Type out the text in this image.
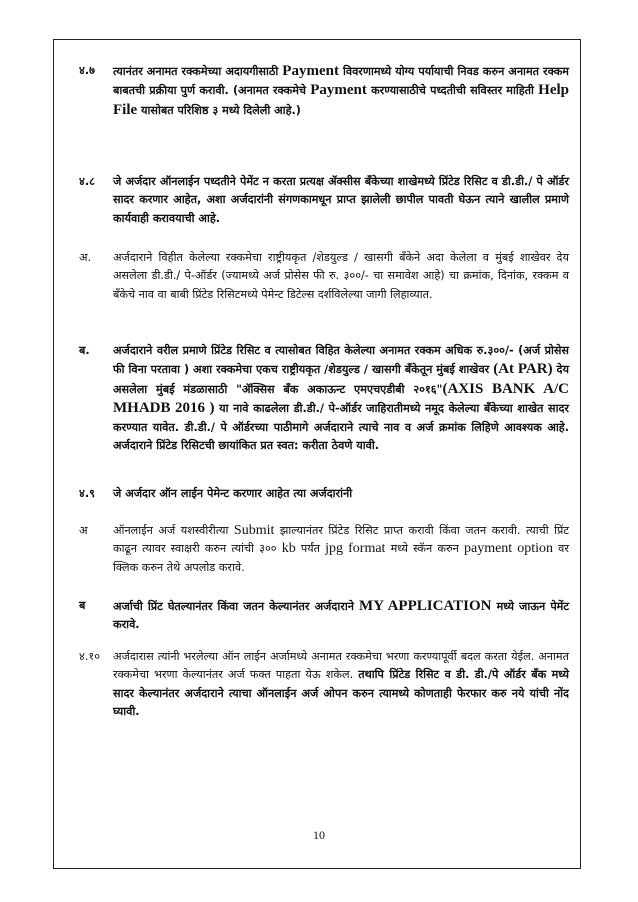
४.७	त्यानंतर अनामत रक्कमेच्या अदायगीसाठी Payment विवरणामध्ये योग्य पर्यायाची निवड करुन अनामत रक्कम बाबतची प्रक्रीया पुर्ण करावी. (अनामत रक्कमेचे Payment करण्यासाठीचे पध्दतीची सविस्तर माहिती Help File यासोबत परिशिष्ठ ३ मध्ये दिलेली आहे.)
४.८	जे अर्जदार ऑनलाईन पध्दतीने पेमेंट न करता प्रत्यक्ष ॲक्सीस बँकेच्या शाखेमध्ये प्रिंटेड रिसिट व डी.डी./ पे ऑर्डर सादर करणार आहेत, अशा अर्जदारांनी संगणकामधून प्राप्त झालेली छापील पावती घेऊन त्याने खालील प्रमाणे कार्यवाही करावयाची आहे.
अ.	अर्जदाराने विहीत केलेल्या रक्कमेचा राष्ट्रीयकृत /शेडयुल्ड / खासगी बँकेने अदा केलेला व मुंबई शाखेवर देय असलेला डी.डी./ पे-ऑर्डर (ज्यामध्ये अर्ज प्रोसेस फी रु. ३००/- चा समावेश आहे) चा क्रमांक, दिनांक, रक्कम व बँकेचे नाव वा बाबी प्रिंटेड रिसिटमध्ये पेमेन्ट डिटेल्स दर्शविलेल्या जागी लिहाव्यात.
ब.	अर्जदाराने वरील प्रमाणे प्रिंटेड रिसिट व त्यासोबत विहित केलेल्या अनामत रक्कम अधिक रु.३००/- (अर्ज प्रोसेस फी विना परतावा ) अशा रक्कमेचा एकच राष्ट्रीयकृत /शेडयुल्ड / खासगी बँकेतून मुंबई शाखेवर (At PAR) देय असलेला मुंबई मंडळासाठी "ॲक्सिस बँक अकाऊन्ट एमएचएडीबी २०१६"(AXIS BANK A/C MHADB 2016 ) या नावे काढलेला डी.डी./ पे-ऑर्डर जाहिरातीमध्ये नमूद केलेल्या बँकेच्या शाखेत सादर करण्यात यावेत. डी.डी./ पे ऑर्डरच्या पाठीमागे अर्जदाराने त्याचे नाव व अर्ज क्रमांक लिहिणे आवश्यक आहे. अर्जदाराने प्रिंटेड रिसिटची छायांकित प्रत स्वत: करीता ठेवणे यावी.
४.९	जे अर्जदार ऑन लाईन पेमेन्ट करणार आहेत त्या अर्जदारांनी
अ	ऑनलाईन अर्ज यशस्वीरीत्या Submit झाल्यानंतर प्रिंटेड रिसिट प्राप्त करावी किंवा जतन करावी. त्याची प्रिंट काढून त्यावर स्वाक्षरी करुन त्यांची ३०० kb पर्यंत jpg format मध्ये स्कॅन करुन payment option वर क्लिक करुन तेथे अपलोड करावे.
ब	अर्जाची प्रिंट घेतल्यानंतर किंवा जतन केल्यानंतर अर्जदाराने MY APPLICATION मध्ये जाऊन पेमेंट करावे.
४.१०	अर्जदारास त्यांनी भरलेल्या ऑन लाईन अर्जामध्ये अनामत रक्कमेचा भरणा करण्यापूर्वी बदल करता येईल. अनामत रक्कमेचा भरणा केल्यानंतर अर्ज फक्त पाहता येऊ शकेल. तथापि प्रिंटेड रिसिट व डी. डी./पे ऑर्डर बँक मध्ये सादर केल्यानंतर अर्जदाराने त्याचा ऑनलाईन अर्ज ओपन करुन त्यामध्ये कोणताही फेरफार करु नये यांची नोंद घ्यावी.
10
